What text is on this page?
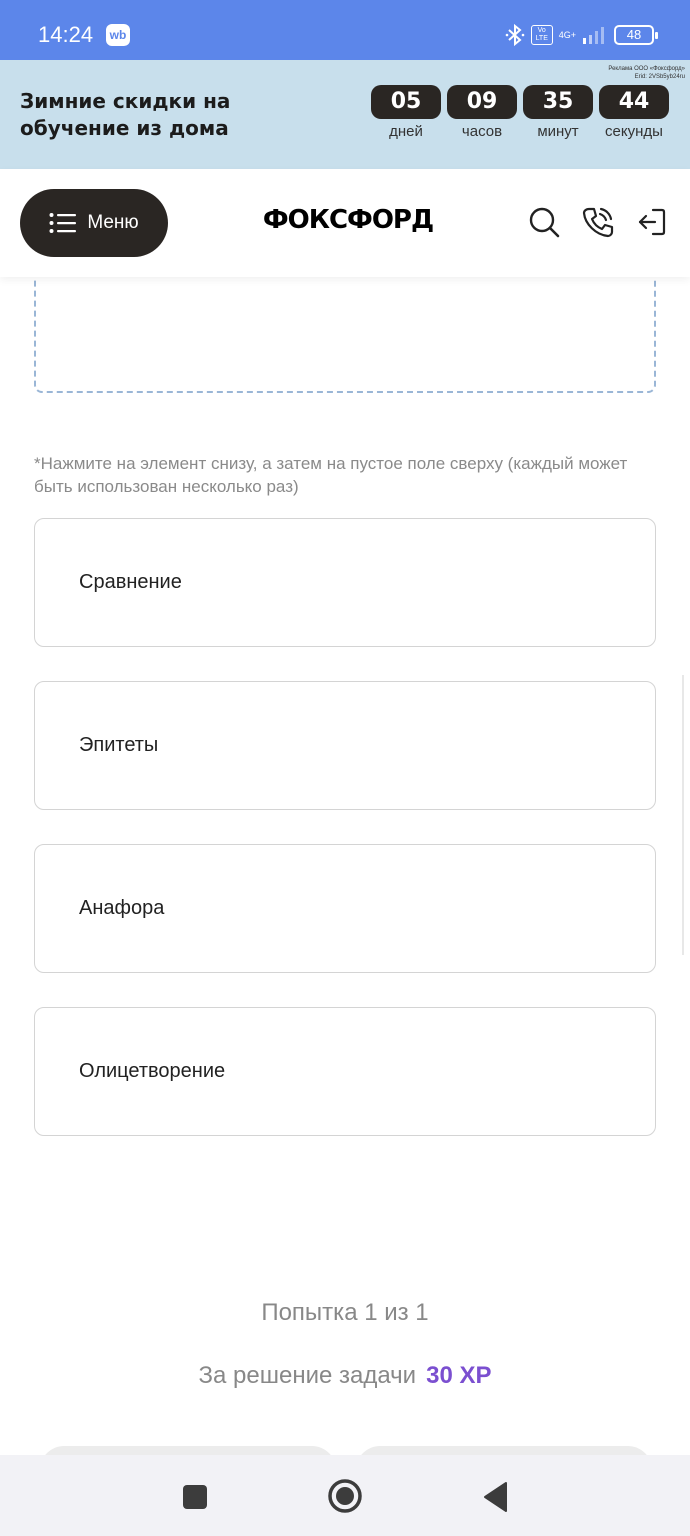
14:24	wb	Vo LTE	4G+	48
Зимние скидки на обучение из дома
Реклама ООО «Фоксфорд» Erid: 2VSb5yb24ru
05
дней
09
часов
35
минут
44
секунды
Меню	ФОКСФОРД
*Нажмите на элемент снизу, а затем на пустое поле сверху (каждый может быть использован несколько раз)
Сравнение
Эпитеты
Анафора
Олицетворение
Попытка 1 из 1
За решение задачи 30 XP
